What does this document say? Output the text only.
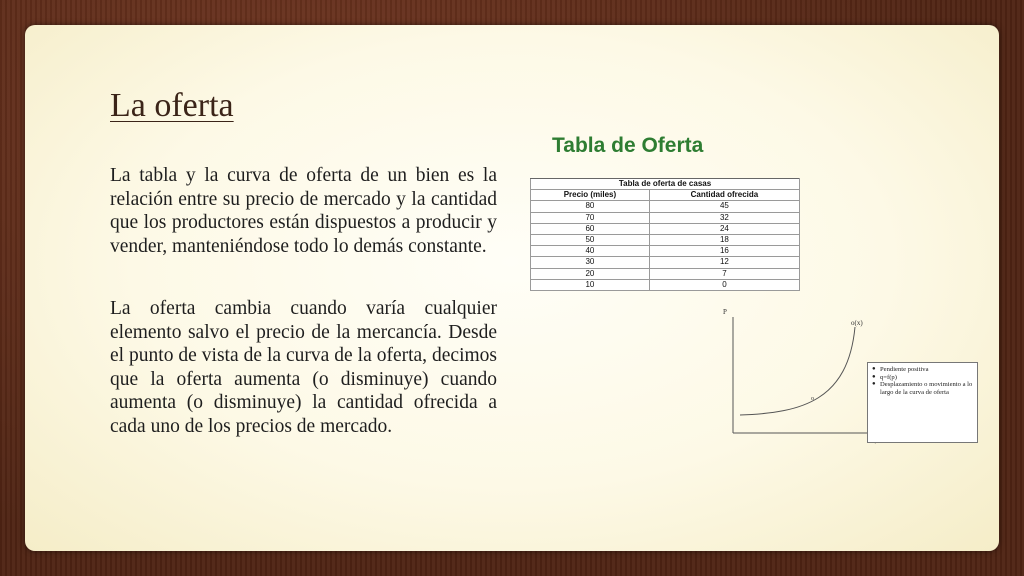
La oferta

La tabla y la curva de oferta de un bien es la relación entre su precio de mercado y la cantidad que los productores están dispuestos a producir y vender, manteniéndose todo lo demás constante.

La oferta cambia cuando varía cualquier elemento salvo el precio de la mercancía. Desde el punto de vista de la curva de la oferta, decimos que la oferta aumenta (o disminuye) cuando aumenta (o disminuye) la cantidad ofrecida a cada uno de los precios de mercado.

Tabla de Oferta
Tabla de oferta de casas	
Precio (miles)	Cantidad ofrecida
80	45
70	32
60	24
50	18
40	16
30	12
20	7
10	0
P
o(x)
o
● Pendiente positiva
● q=f(p)
● Desplazamiento o movimiento a lo largo de la curva de oferta
